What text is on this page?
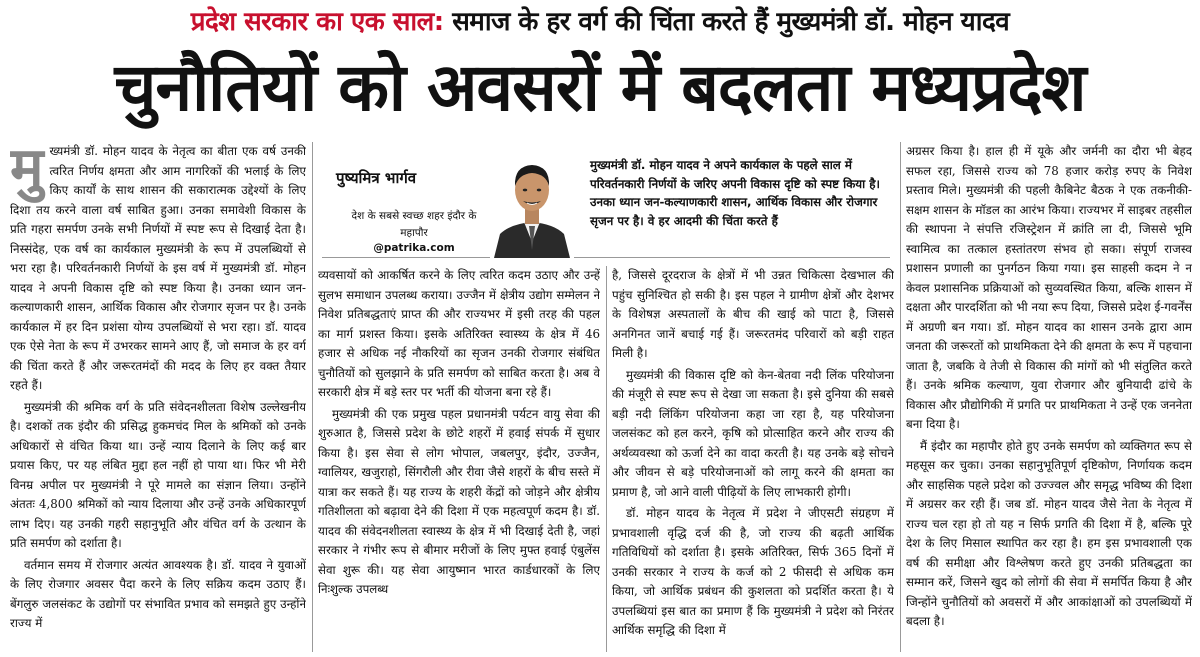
प्रदेश सरकार का एक साल: समाज के हर वर्ग की चिंता करते हैं मुख्यमंत्री डॉ. मोहन यादव
चुनौतियों को अवसरों में बदलता मध्यप्रदेश

मुख्यमंत्री डॉ. मोहन यादव के नेतृत्व का बीता एक वर्ष उनकी त्वरित निर्णय क्षमता और आम नागरिकों की भलाई के लिए किए कार्यों के साथ शासन की सकारात्मक उद्देश्यों के लिए दिशा तय करने वाला वर्ष साबित हुआ। उनका समावेशी विकास के प्रति गहरा समर्पण उनके सभी निर्णयों में स्पष्ट रूप से दिखाई देता है। निस्संदेह, एक वर्ष का कार्यकाल मुख्यमंत्री के रूप में उपलब्धियों से भरा रहा है। परिवर्तनकारी निर्णयों के इस वर्ष में मुख्यमंत्री डॉ. मोहन यादव ने अपनी विकास दृष्टि को स्पष्ट किया है। उनका ध्यान जन-कल्याणकारी शासन, आर्थिक विकास और रोजगार सृजन पर है। उनके कार्यकाल में हर दिन प्रशंसा योग्य उपलब्धियों से भरा रहा। डॉ. यादव एक ऐसे नेता के रूप में उभरकर सामने आए हैं, जो समाज के हर वर्ग की चिंता करते हैं और जरूरतमंदों की मदद के लिए हर वक्त तैयार रहते हैं।

मुख्यमंत्री की श्रमिक वर्ग के प्रति संवेदनशीलता विशेष उल्लेखनीय है। दशकों तक इंदौर की प्रसिद्ध हुकमचंद मिल के श्रमिकों को उनके अधिकारों से वंचित किया था। उन्हें न्याय दिलाने के लिए कई बार प्रयास किए, पर यह लंबित मुद्दा हल नहीं हो पाया था। फिर भी मेरी विनम्र अपील पर मुख्यमंत्री ने पूरे मामले का संज्ञान लिया। उन्होंने अंततः 4,800 श्रमिकों को न्याय दिलाया और उन्हें उनके अधिकारपूर्ण लाभ दिए। यह उनकी गहरी सहानुभूति और वंचित वर्ग के उत्थान के प्रति समर्पण को दर्शाता है।

वर्तमान समय में रोजगार अत्यंत आवश्यक है। डॉ. यादव ने युवाओं के लिए रोजगार अवसर पैदा करने के लिए सक्रिय कदम उठाए हैं। बेंगलुरु जलसंकट के उद्योगों पर संभावित प्रभाव को समझते हुए उन्होंने राज्य में

पुष्यमित्र भार्गव
देश के सबसे स्वच्छ शहर इंदौर के महापौर
@patrika.com
मुख्यमंत्री डॉ. मोहन यादव ने अपने कार्यकाल के पहले साल में परिवर्तनकारी निर्णयों के जरिए अपनी विकास दृष्टि को स्पष्ट किया है। उनका ध्यान जन-कल्याणकारी शासन, आर्थिक विकास और रोजगार सृजन पर है। वे हर आदमी की चिंता करते हैं

व्यवसायों को आकर्षित करने के लिए त्वरित कदम उठाए और उन्हें सुलभ समाधान उपलब्ध कराया। उज्जैन में क्षेत्रीय उद्योग सम्मेलन ने निवेश प्रतिबद्धताएं प्राप्त की और राज्यभर में इसी तरह की पहल का मार्ग प्रशस्त किया। इसके अतिरिक्त स्वास्थ्य के क्षेत्र में 46 हजार से अधिक नई नौकरियों का सृजन उनकी रोजगार संबंधित चुनौतियों को सुलझाने के प्रति समर्पण को साबित करता है। अब वे सरकारी क्षेत्र में बड़े स्तर पर भर्ती की योजना बना रहे हैं।

मुख्यमंत्री की एक प्रमुख पहल प्रधानमंत्री पर्यटन वायु सेवा की शुरुआत है, जिससे प्रदेश के छोटे शहरों में हवाई संपर्क में सुधार किया है। इस सेवा से लोग भोपाल, जबलपुर, इंदौर, उज्जैन, ग्वालियर, खजुराहो, सिंगरौली और रीवा जैसे शहरों के बीच सस्ते में यात्रा कर सकते हैं। यह राज्य के शहरी केंद्रों को जोड़ने और क्षेत्रीय गतिशीलता को बढ़ावा देने की दिशा में एक महत्वपूर्ण कदम है। डॉ. यादव की संवेदनशीलता स्वास्थ्य के क्षेत्र में भी दिखाई देती है, जहां सरकार ने गंभीर रूप से बीमार मरीजों के लिए मुफ्त हवाई एंबुलेंस सेवा शुरू की। यह सेवा आयुष्मान भारत कार्डधारकों के लिए निःशुल्क उपलब्ध

है, जिससे दूरदराज के क्षेत्रों में भी उन्नत चिकित्सा देखभाल की पहुंच सुनिश्चित हो सकी है। इस पहल ने ग्रामीण क्षेत्रों और देशभर के विशेषज्ञ अस्पतालों के बीच की खाई को पाटा है, जिससे अनगिनत जानें बचाई गई हैं। जरूरतमंद परिवारों को बड़ी राहत मिली है।

मुख्यमंत्री की विकास दृष्टि को केन-बेतवा नदी लिंक परियोजना की मंजूरी से स्पष्ट रूप से देखा जा सकता है। इसे दुनिया की सबसे बड़ी नदी लिंकिंग परियोजना कहा जा रहा है, यह परियोजना जलसंकट को हल करने, कृषि को प्रोत्साहित करने और राज्य की अर्थव्यवस्था को ऊर्जा देने का वादा करती है। यह उनके बड़े सोचने और जीवन से बड़े परियोजनाओं को लागू करने की क्षमता का प्रमाण है, जो आने वाली पीढ़ियों के लिए लाभकारी होगी।

डॉ. मोहन यादव के नेतृत्व में प्रदेश ने जीएसटी संग्रहण में प्रभावशाली वृद्धि दर्ज की है, जो राज्य की बढ़ती आर्थिक गतिविधियों को दर्शाता है। इसके अतिरिक्त, सिर्फ 365 दिनों में उनकी सरकार ने राज्य के कर्ज को 2 फीसदी से अधिक कम किया, जो आर्थिक प्रबंधन की कुशलता को प्रदर्शित करता है। ये उपलब्धियां इस बात का प्रमाण हैं कि मुख्यमंत्री ने प्रदेश को निरंतर आर्थिक समृद्धि की दिशा में

अग्रसर किया है। हाल ही में यूके और जर्मनी का दौरा भी बेहद सफल रहा, जिससे राज्य को 78 हजार करोड़ रुपए के निवेश प्रस्ताव मिले। मुख्यमंत्री की पहली कैबिनेट बैठक ने एक तकनीकी-सक्षम शासन के मॉडल का आरंभ किया। राज्यभर में साइबर तहसील की स्थापना ने संपत्ति रजिस्ट्रेशन में क्रांति ला दी, जिससे भूमि स्वामित्व का तत्काल हस्तांतरण संभव हो सका। संपूर्ण राजस्व प्रशासन प्रणाली का पुनर्गठन किया गया। इस साहसी कदम ने न केवल प्रशासनिक प्रक्रियाओं को सुव्यवस्थित किया, बल्कि शासन में दक्षता और पारदर्शिता को भी नया रूप दिया, जिससे प्रदेश ई-गवर्नेंस में अग्रणी बन गया। डॉ. मोहन यादव का शासन उनके द्वारा आम जनता की जरूरतों को प्राथमिकता देने की क्षमता के रूप में पहचाना जाता है, जबकि वे तेजी से विकास की मांगों को भी संतुलित करते हैं। उनके श्रमिक कल्याण, युवा रोजगार और बुनियादी ढांचे के विकास और प्रौद्योगिकी में प्रगति पर प्राथमिकता ने उन्हें एक जननेता बना दिया है।

मैं इंदौर का महापौर होते हुए उनके समर्पण को व्यक्तिगत रूप से महसूस कर चुका। उनका सहानुभूतिपूर्ण दृष्टिकोण, निर्णायक कदम और साहसिक पहले प्रदेश को उज्ज्वल और समृद्ध भविष्य की दिशा में अग्रसर कर रही हैं। जब डॉ. मोहन यादव जैसे नेता के नेतृत्व में राज्य चल रहा हो तो यह न सिर्फ प्रगति की दिशा में है, बल्कि पूरे देश के लिए मिसाल स्थापित कर रहा है। हम इस प्रभावशाली एक वर्ष की समीक्षा और विश्लेषण करते हुए उनकी प्रतिबद्धता का सम्मान करें, जिसने खुद को लोगों की सेवा में समर्पित किया है और जिन्होंने चुनौतियों को अवसरों में और आकांक्षाओं को उपलब्धियों में बदला है।
